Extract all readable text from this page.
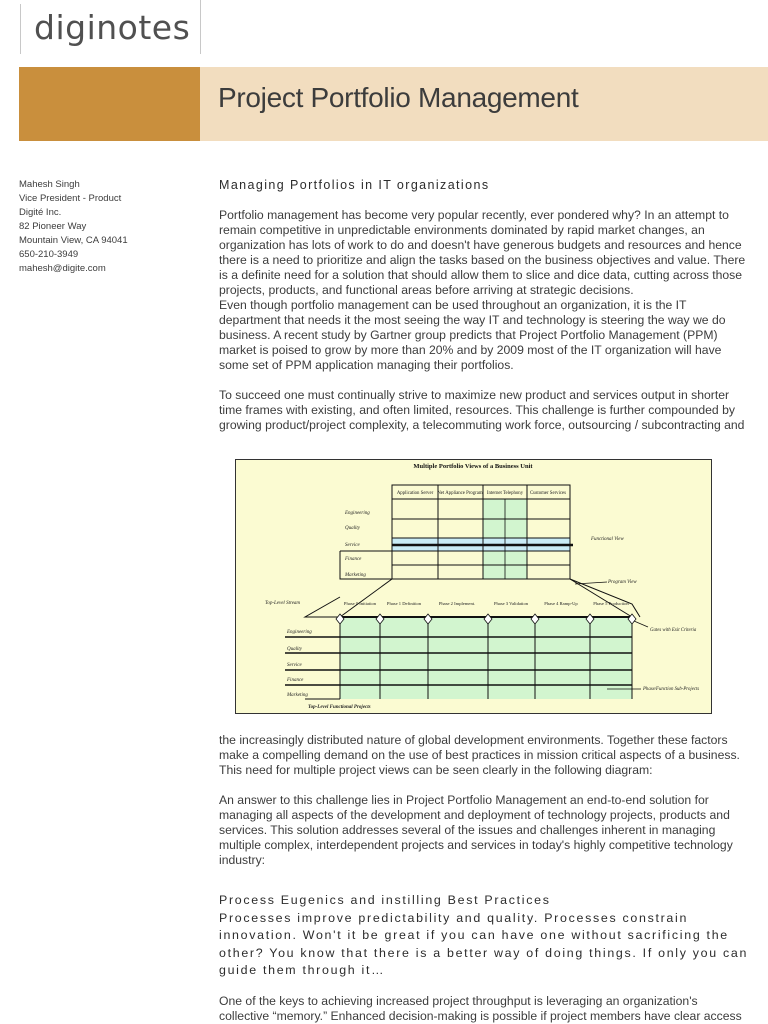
diginotes
Project Portfolio Management
Mahesh Singh
Vice President - Product
Digité Inc.
82 Pioneer Way
Mountain View, CA 94041
650-210-3949
mahesh@digite.com

Managing Portfolios in IT organizations

Portfolio management has become very popular recently, ever pondered why? In an attempt to remain competitive in unpredictable environments dominated by rapid market changes, an organization has lots of work to do and doesn't have generous budgets and resources and hence there is a need to prioritize and align the tasks based on the business objectives and value. There is a definite need for a solution that should allow them to slice and dice data, cutting across those projects, products, and functional areas before arriving at strategic decisions.

Even though portfolio management can be used throughout an organization, it is the IT department that needs it the most seeing the way IT and technology is steering the way we do business. A recent study by Gartner group predicts that Project Portfolio Management (PPM) market is poised to grow by more than 20% and by 2009 most of the IT organization will have some set of PPM application managing their portfolios.

To succeed one must continually strive to maximize new product and services output in shorter time frames with existing, and often limited, resources. This challenge is further compounded by growing product/project complexity, a telecommuting work force, outsourcing / subcontracting and

Multiple Portfolio Views of a Business Unit
Engineering
Quality
Service
Finance
Marketing
Application Server Net Appliance Program Internet Telephony Customer Services
Functional View
Program View
Top-Level Stream	Phase 0 Initiation Phase 1 Definition	Phase 2 Implement.	Phase 3 Validation	Phase 4 Ramp-Up	Phase 5 Production
Engineering
Quality
Service
Finance
Marketing
Gates with Exit Criteria
Phase/Function Sub-Projects
Top-Level Functional Projects

the increasingly distributed nature of global development environments. Together these factors make a compelling demand on the use of best practices in mission critical aspects of a business. This need for multiple project views can be seen clearly in the following diagram:

An answer to this challenge lies in Project Portfolio Management an end-to-end solution for managing all aspects of the development and deployment of technology projects, products and services. This solution addresses several of the issues and challenges inherent in managing multiple complex, interdependent projects and services in today's highly competitive technology industry:

Process Eugenics and instilling Best Practices

Processes improve predictability and quality. Processes constrain innovation. Won't it be great if you can have one without sacrificing the other? You know that there is a better way of doing things. If only you can guide them through it…

One of the keys to achieving increased project throughput is leveraging an organization's collective “memory.” Enhanced decision-making is possible if project members have clear access
